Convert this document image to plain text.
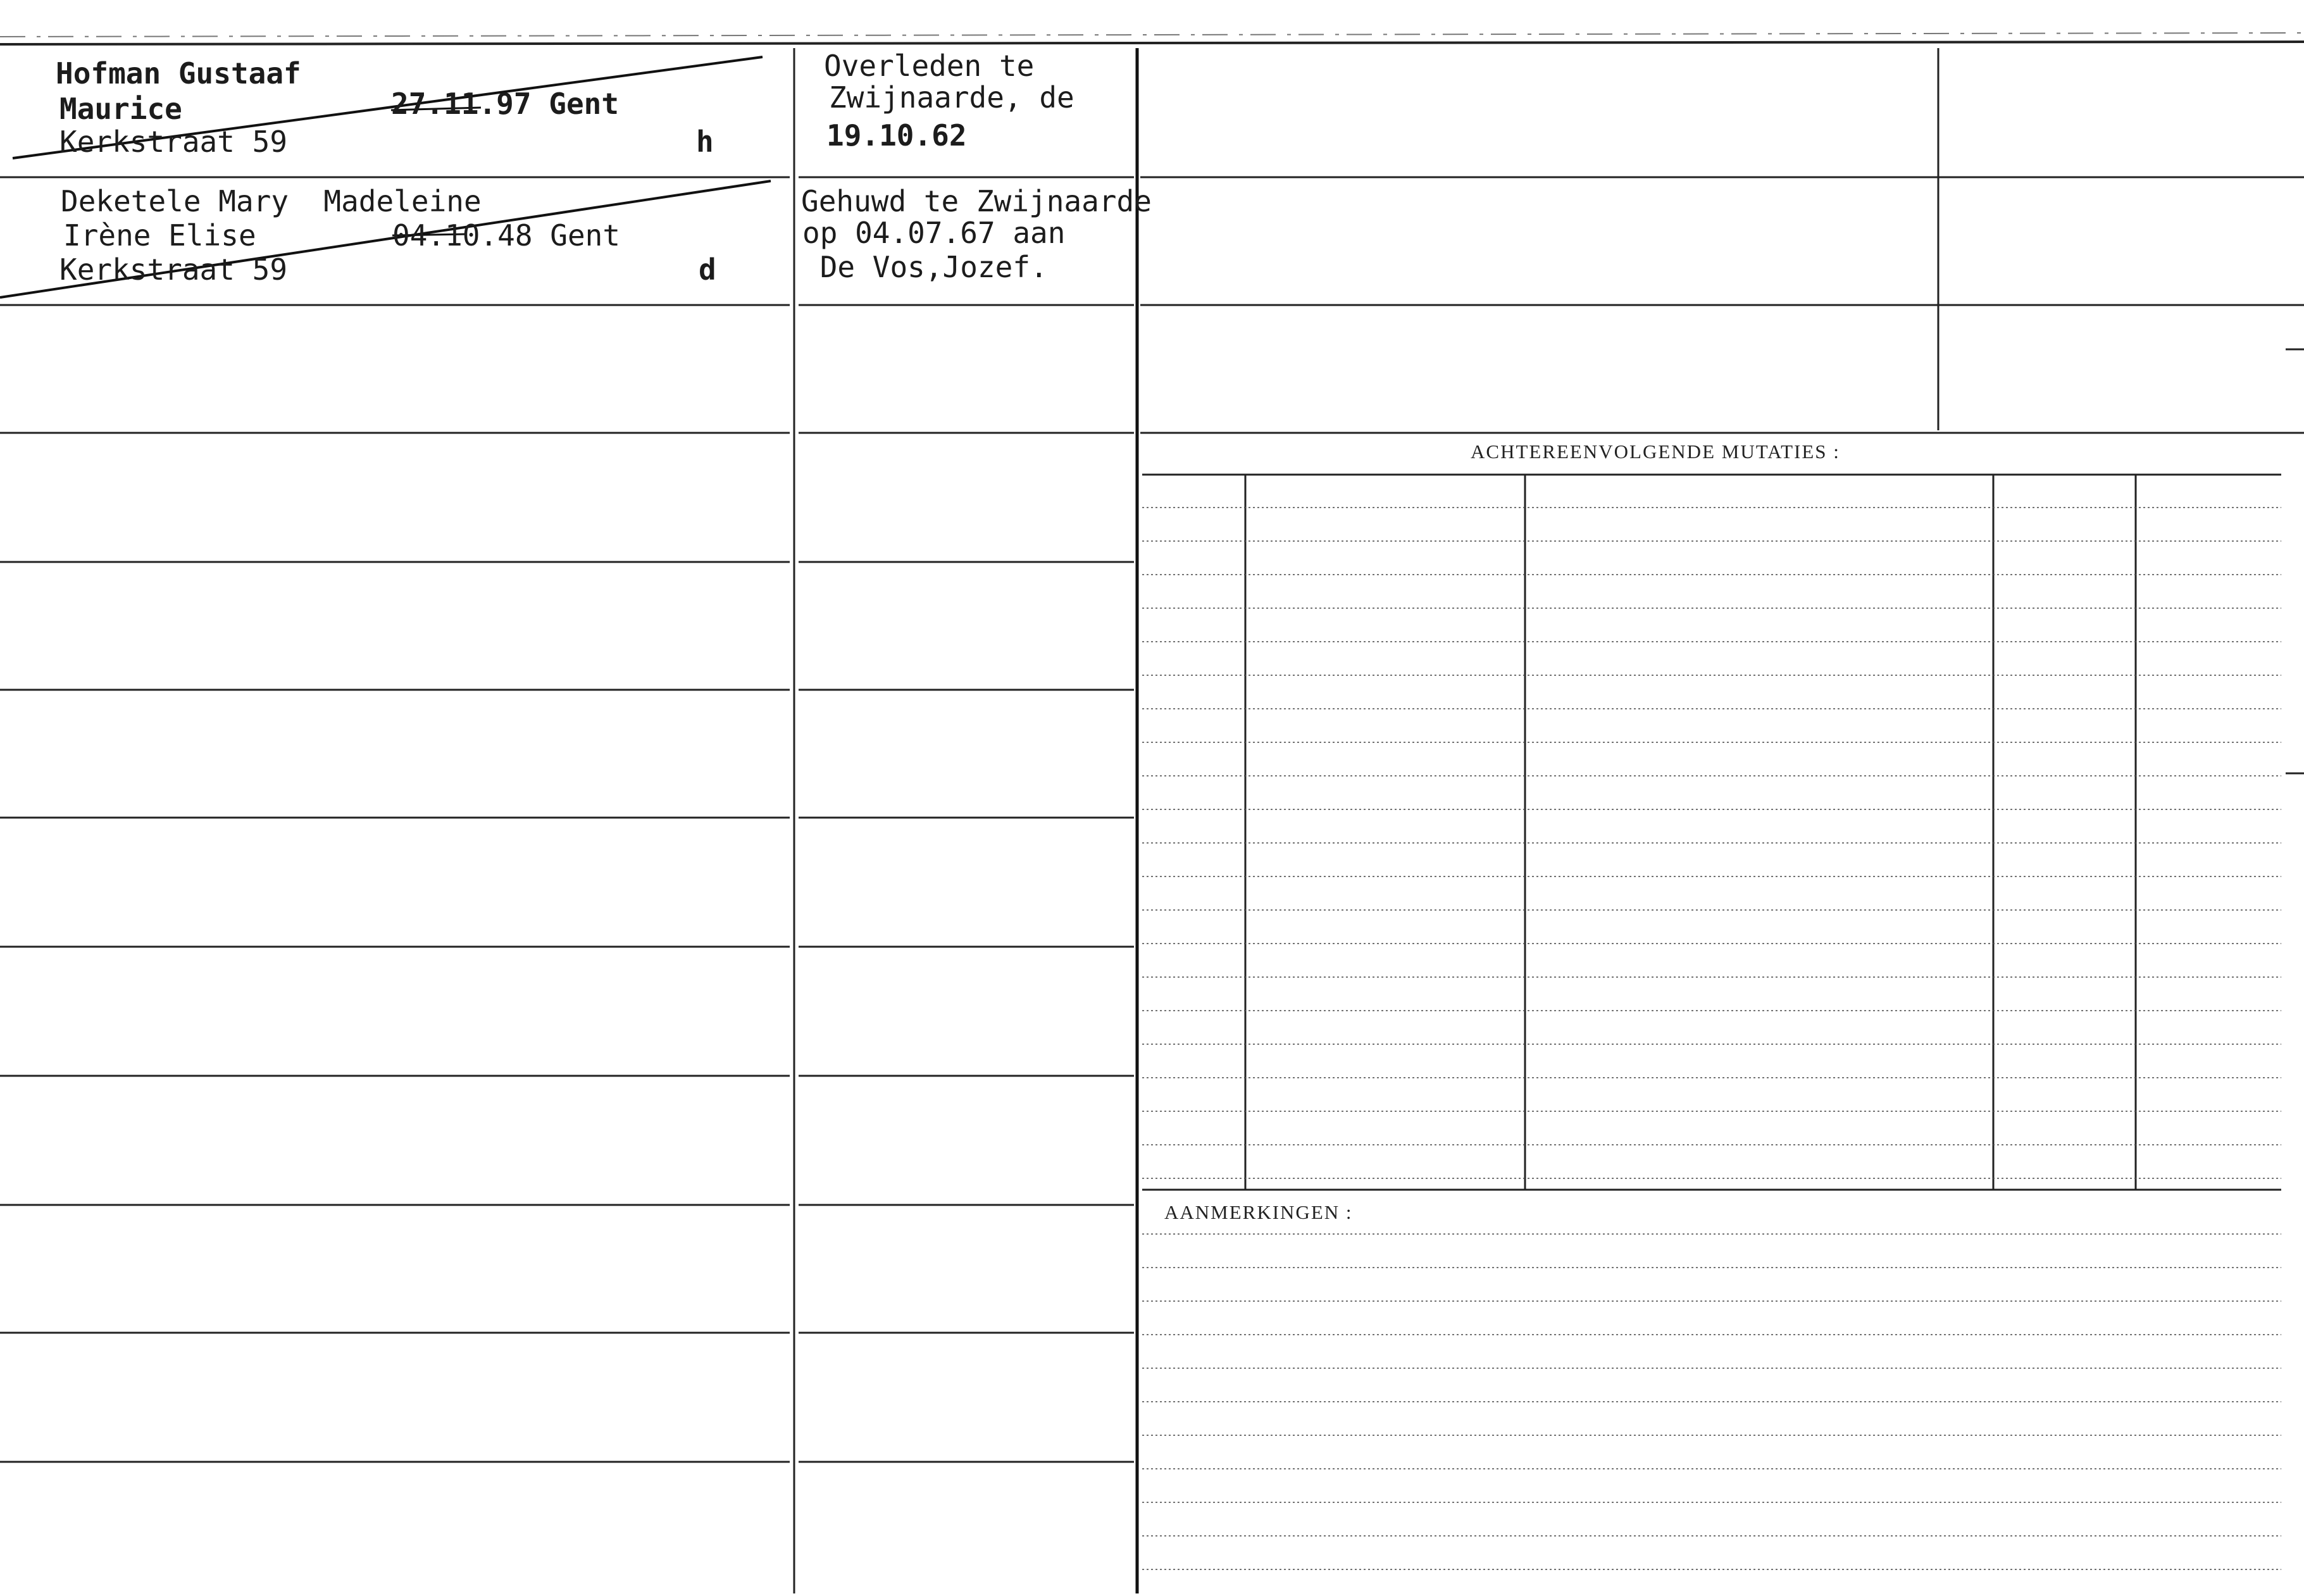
Hofman Gustaaf
Maurice	27.11.97 Gent
Kerkstraat 59	h
Overleden te
Zwijnaarde, de
19.10.62
Deketele Mary  Madeleine
Irène Elise	04.10.48 Gent
Kerkstraat 59	d
Gehuwd te Zwijnaarde
op 04.07.67 aan
De Vos,Jozef.
ACHTEREENVOLGENDE MUTATIES :
AANMERKINGEN :
